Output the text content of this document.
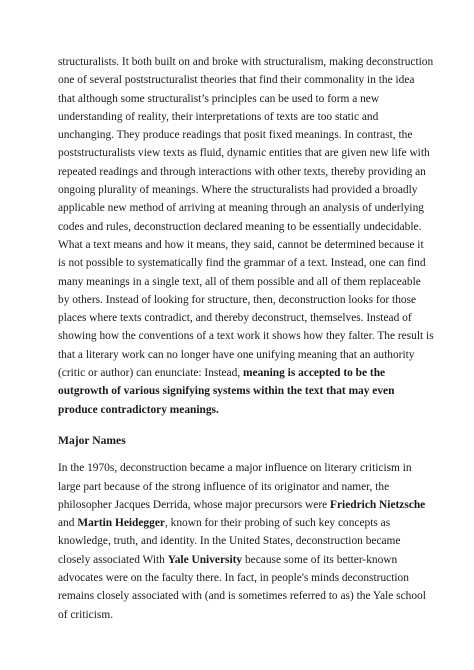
structuralists. It both built on and broke with structuralism, making deconstruction one of several poststructuralist theories that find their commonality in the idea that although some structuralist’s principles can be used to form a new understanding of reality, their interpretations of texts are too static and unchanging. They produce readings that posit fixed meanings. In contrast, the poststructuralists view texts as fluid, dynamic entities that are given new life with repeated readings and through interactions with other texts, thereby providing an ongoing plurality of meanings. Where the structuralists had provided a broadly applicable new method of arriving at meaning through an analysis of underlying codes and rules, deconstruction declared meaning to be essentially undecidable. What a text means and how it means, they said, cannot be determined because it is not possible to systematically find the grammar of a text. Instead, one can find many meanings in a single text, all of them possible and all of them replaceable by others. Instead of looking for structure, then, deconstruction looks for those places where texts contradict, and thereby deconstruct, themselves. Instead of showing how the conventions of a text work it shows how they falter. The result is that a literary work can no longer have one unifying meaning that an authority (critic or author) can enunciate: Instead, meaning is accepted to be the outgrowth of various signifying systems within the text that may even produce contradictory meanings.

Major Names

In the 1970s, deconstruction became a major influence on literary criticism in large part because of the strong influence of its originator and namer, the philosopher Jacques Derrida, whose major precursors were Friedrich Nietzsche and Martin Heidegger, known for their probing of such key concepts as knowledge, truth, and identity. In the United States, deconstruction became closely associated With Yale University because some of its better-known advocates were on the faculty there. In fact, in people's minds deconstruction remains closely associated with (and is sometimes referred to as) the Yale school of criticism.
